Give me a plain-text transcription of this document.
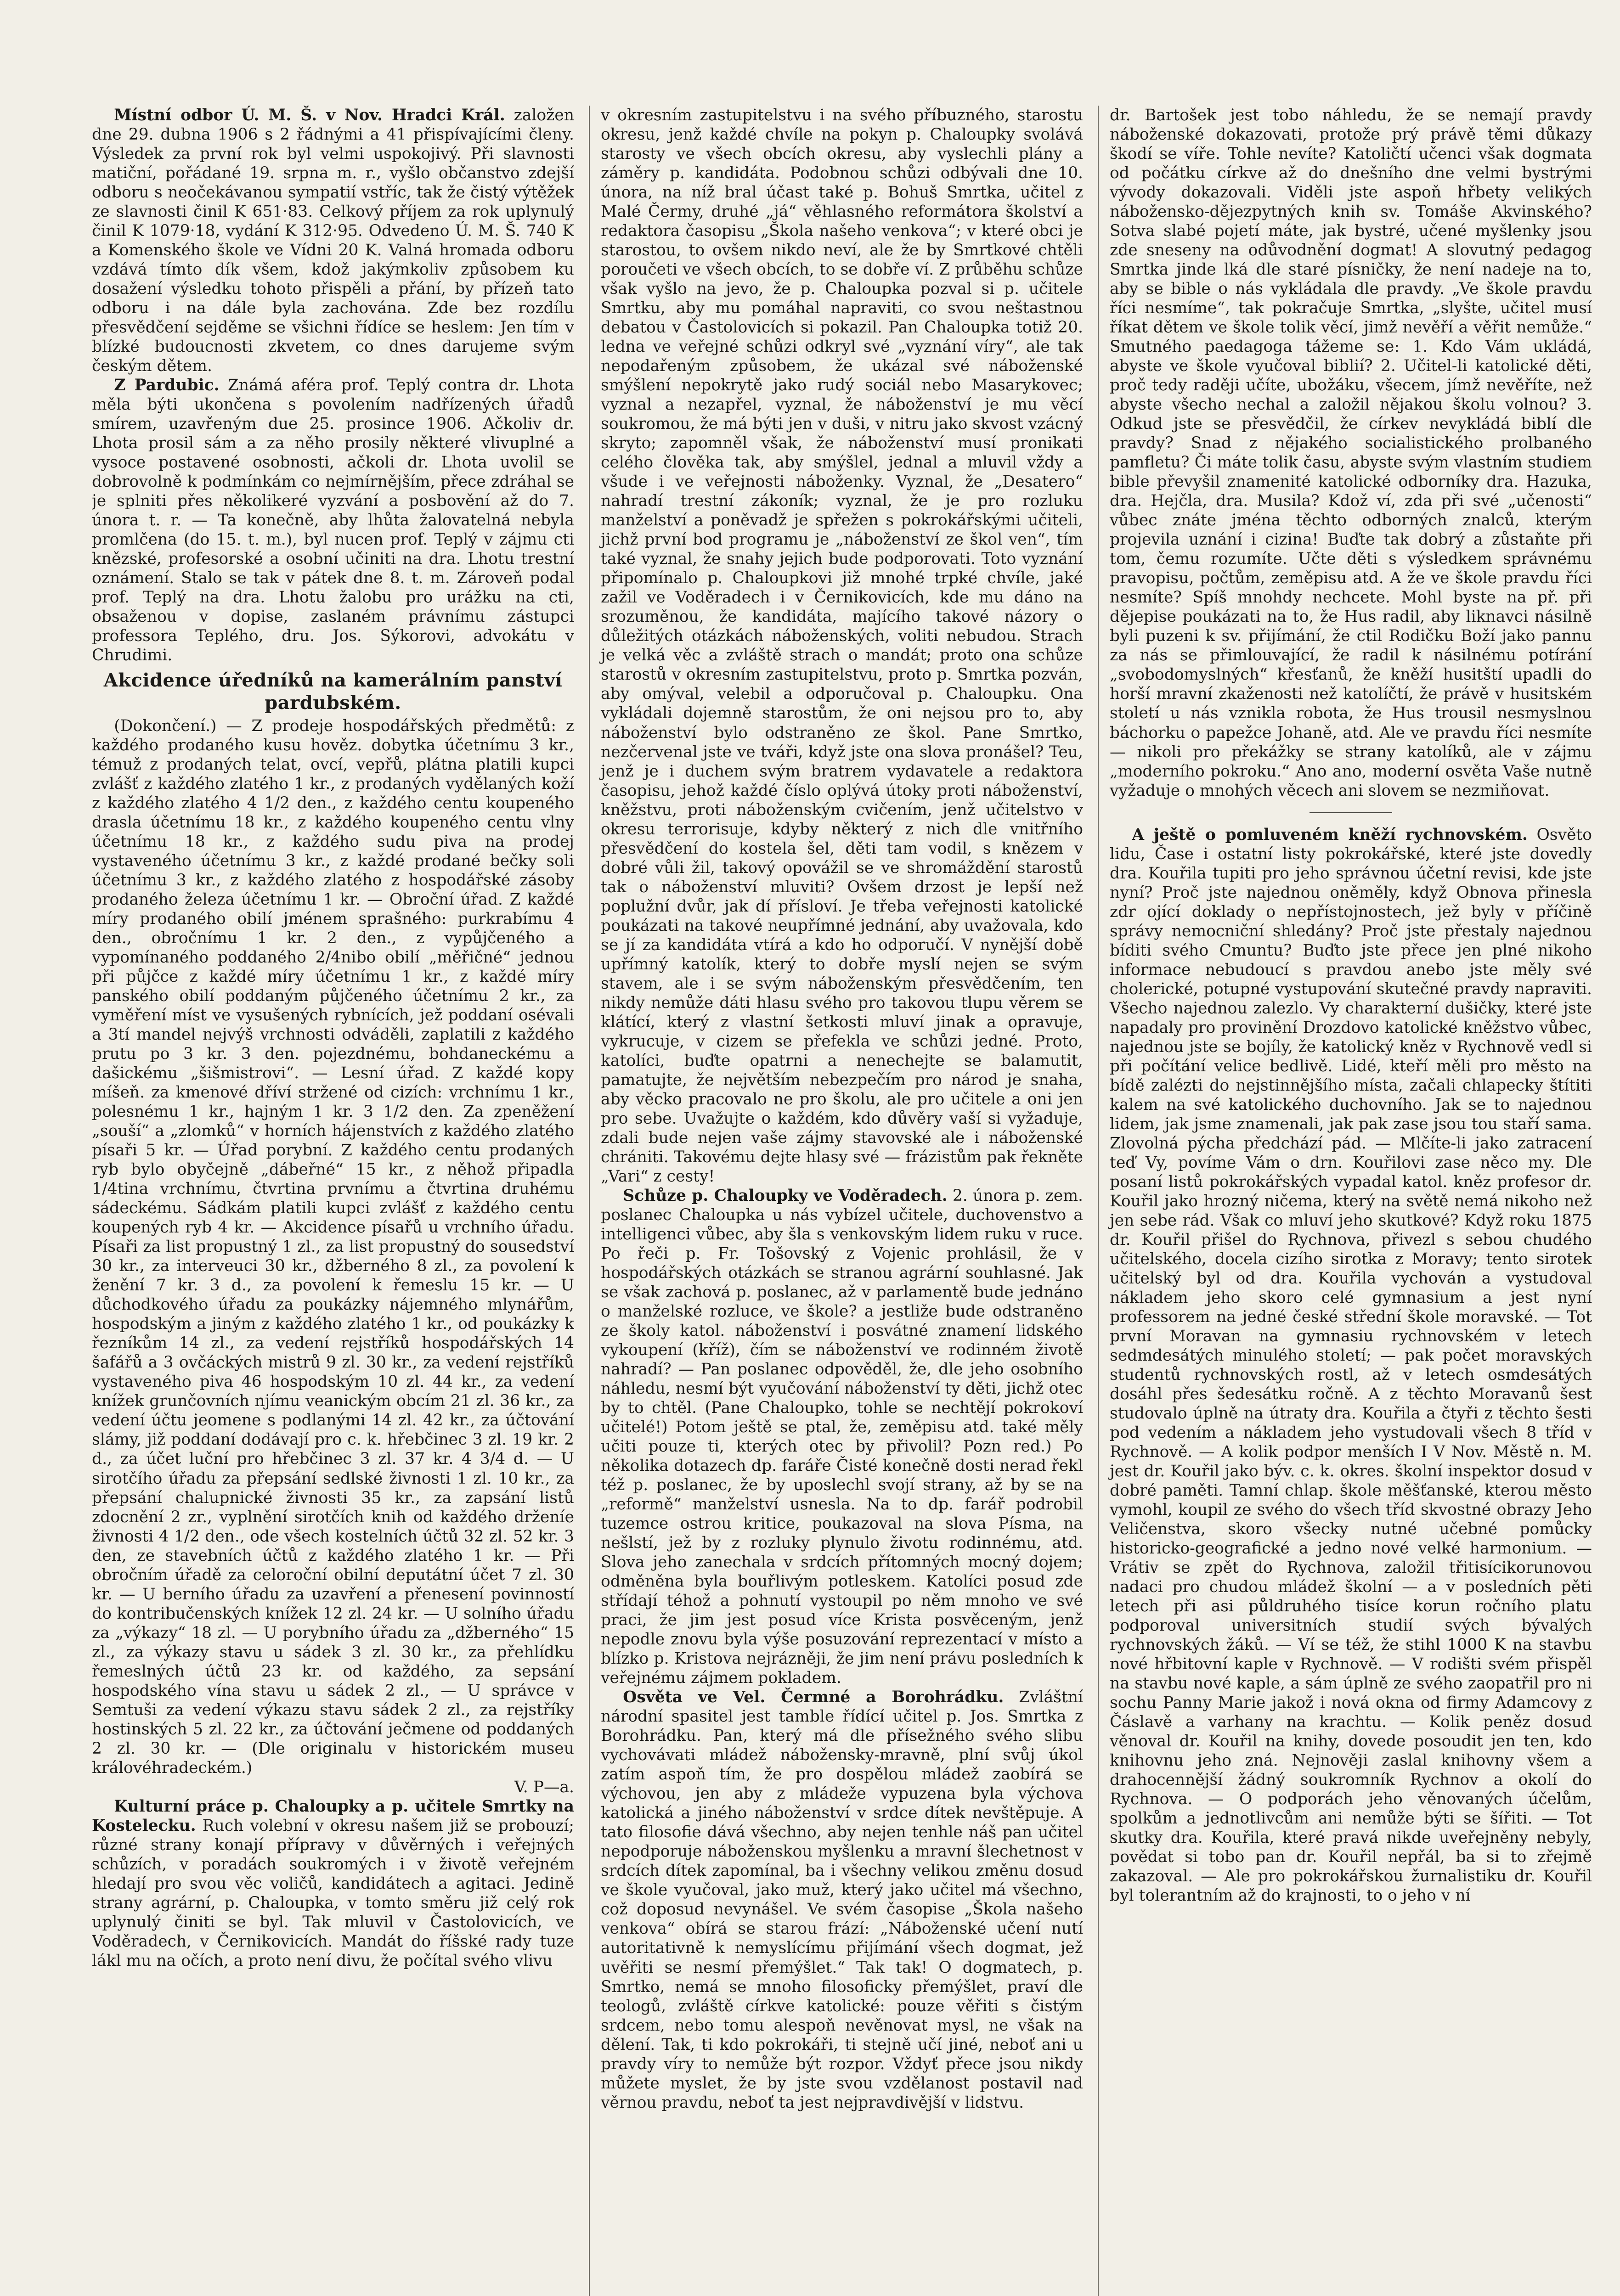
Místní odbor Ú. M. Š. v Nov. Hradci Král. založen dne 29. dubna 1906 s 2 řádnými a 41 přispívajícími členy. Výsledek za první rok byl velmi uspokojivý. Při slavnosti matiční, pořádané 19. srpna m. r., vyšlo občanstvo zdejší odboru s neočekávanou sympatií vstříc, tak že čistý výtěžek ze slavnosti činil K 651·83. Celkový příjem za rok uplynulý činil K 1079·18, vydání K 312·95. Odvedeno Ú. M. Š. 740 K a Komenského škole ve Vídni 20 K. Valná hromada odboru vzdává tímto dík všem, kdož jakýmkoliv způsobem ku dosažení výsledku tohoto přispěli a přání, by přízeň tato odboru i na dále byla zachována. Zde bez rozdílu přesvědčení sejděme se všichni řídíce se heslem: Jen tím v blízké budoucnosti zkvetem, co dnes darujeme svým českým dětem.

Z Pardubic. Známá aféra prof. Teplý contra dr. Lhota měla býti ukončena s povolením nadřízených úřadů smírem, uzavřeným due 25. prosince 1906. Ačkoliv dr. Lhota prosil sám a za něho prosily některé vlivuplné a vysoce postavené osobnosti, ačkoli dr. Lhota uvolil se dobrovolně k podmínkám co nejmírnějším, přece zdráhal se je splniti přes několikeré vyzvání a posbovění až do 7. února t. r. — Ta konečně, aby lhůta žalovatelná nebyla promlčena (do 15. t. m.), byl nucen prof. Teplý v zájmu cti knězské, profesorské a osobní učiniti na dra. Lhotu trestní oznámení. Stalo se tak v pátek dne 8. t. m. Zároveň podal prof. Teplý na dra. Lhotu žalobu pro urážku na cti, obsaženou v dopise, zaslaném právnímu zástupci professora Teplého, dru. Jos. Sýkorovi, advokátu v Chrudimi.

Akcidence úředníků na kamerálním panství pardubském.

(Dokončení.) — Z prodeje hospodářských předmětů: z každého prodaného kusu hověz. dobytka účetnímu 3 kr., témuž z prodaných telat, ovcí, vepřů, plátna platili kupci zvlášť z každého zlatého 1 kr., z prodaných vydělaných koží z každého zlatého 4 1/2 den., z každého centu koupeného drasla účetnímu 18 kr., z každého koupeného centu vlny účetnímu 18 kr., z každého sudu piva na prodej vystaveného účetnímu 3 kr., z každé prodané bečky soli účetnímu 3 kr., z každého zlatého z hospodářské zásoby prodaného železa účetnímu 1 kr. — Obroční úřad. Z každé míry prodaného obilí jménem sprašného: purkrabímu 4 den., obročnímu 1 kr. 2 den., z vypůjčeného a vypomínaného poddaného 2/4nibo obilí „měřičné“ jednou při půjčce z každé míry účetnímu 1 kr., z každé míry panského obilí poddaným půjčeného účetnímu 2 kr., za vyměření míst ve vysušených rybnících, jež poddaní osévali a 3tí mandel nejvýš vrchnosti odváděli, zaplatili z každého prutu po 3 kr. 3 den. pojezdnému, bohdaneckému a dašickému „šišmistrovi“. — Lesní úřad. Z každé kopy míšeň. za kmenové dříví stržené od cizích: vrchnímu 1 kr., polesnému 1 kr., hajným 1 kr. 3 1/2 den. Za zpeněžení „souší“ a „zlomků“ v horních hájenstvích z každého zlatého písaři 5 kr. — Úřad porybní. Z každého centu prodaných ryb bylo obyčejně „dábeřné“ 15 kr., z něhož připadla 1/4tina vrchnímu, čtvrtina prvnímu a čtvrtina druhému sádeckému. Sádkám platili kupci zvlášť z každého centu koupených ryb 4 kr. — Akcidence písařů u vrchního úřadu. Písaři za list propustný 1 zl., za list propustný do sousedství 30 kr., za interveuci 30 kr., džberného 8 zl., za povolení k ženění 7 kr. 3 d., za povolení k řemeslu 15 kr. — U důchodkového úřadu za poukázky nájemného mlynářům, hospodským a jiným z každého zlatého 1 kr., od poukázky k řezníkům 14 zl., za vedení rejstříků hospodářských 14 šafářů a 3 ovčáckých mistrů 9 zl. 30 kr., za vedení rejstříků vystaveného piva 46 hospodským 10 zl. 44 kr., za vedení knížek grunčovních njímu veanickým obcím 21 zl. 36 kr., za vedení účtu jeomene s podlanými 14 zl. 42 kr., za účtování slámy, již poddaní dodávají pro c. k. hřebčinec 3 zl. 19 kr. 2 d., za účet luční pro hřebčinec 3 zl. 37 kr. 4 3/4 d. — U sirotčího úřadu za přepsání sedlské živnosti 1 zl. 10 kr., za přepsání chalupnické živnosti 35 kr., za zapsání listů zdocnění 2 zr., vyplnění sirotčích knih od každého drženíe živnosti 4 1/2 den., ode všech kostelních účtů 32 zl. 52 kr. 3 den, ze stavebních účtů z každého zlatého 1 kr. — Při obročním úřadě za celoroční obilní deputátní účet 7 zl. 30 kr. — U berního úřadu za uzavření a přenesení povinností do kontribučenských knížek 12 zl. 24 kr. — U solního úřadu za „výkazy“ 18 zl. — U porybního úřadu za „džberného“ 15 zl., za výkazy stavu u sádek 3 zl. 30 kr., za přehlídku řemeslných účtů 23 kr. od každého, za sepsání hospodského vína stavu u sádek 2 zl., — U správce v Semtuši za vedení výkazu stavu sádek 2 zl., za rejstříky hostinských 5 zl. 22 kr., za účtování ječmene od poddaných 2 zl. 30 kr. — (Dle originalu v historickém museu královéhradeckém.)

V. P—a.

Kulturní práce p. Chaloupky a p. učitele Smrtky na Kostelecku. Ruch volební v okresu našem již se probouzí; různé strany konají přípravy v důvěrných i veřejných schůzích, v poradách soukromých i v životě veřejném hledají pro svou věc voličů, kandidátech a agitaci. Jedině strany agrární, p. Chaloupka, v tomto směru již celý rok uplynulý činiti se byl. Tak mluvil v Častolovicích, ve Voděradech, v Černikovicích. Mandát do říšské rady tuze lákl mu na očích, a proto není divu, že počítal svého vlivu

v okresním zastupitelstvu i na svého příbuzného, starostu okresu, jenž každé chvíle na pokyn p. Chaloupky svolává starosty ve všech obcích okresu, aby vyslechli plány a záměry p. kandidáta. Podobnou schůzi odbývali dne 10. února, na níž bral účast také p. Bohuš Smrtka, učitel z Malé Čermy, druhé „já“ věhlasného reformátora školství a redaktora časopisu „Škola našeho venkova“; v které obci je starostou, to ovšem nikdo neví, ale že by Smrtkové chtěli poroučeti ve všech obcích, to se dobře ví. Z průběhu schůze však vyšlo na jevo, že p. Chaloupka pozval si p. učitele Smrtku, aby mu pomáhal napraviti, co svou neštastnou debatou v Častolovicích si pokazil. Pan Chaloupka totiž 20. ledna ve veřejné schůzi odkryl své „vyznání víry“, ale tak nepodařeným způsobem, že ukázal své náboženské smýšlení nepokrytě jako rudý sociál nebo Masarykovec; vyznal a nezapřel, vyznal, že náboženství je mu věcí soukromou, že má býti jen v duši, v nitru jako skvost vzácný skryto; zapomněl však, že náboženství musí pronikati celého člověka tak, aby smýšlel, jednal a mluvil vždy a všude i ve veřejnosti náboženky. Vyznal, že „Desatero“ nahradí trestní zákoník; vyznal, že je pro rozluku manželství a poněvadž je spřežen s pokrokářskými učiteli, jichž první bod programu je „náboženství ze škol ven“, tím také vyznal, že snahy jejich bude podporovati. Toto vyznání připomínalo p. Chaloupkovi již mnohé trpké chvíle, jaké zažil ve Voděradech i v Černikovicích, kde mu dáno na srozuměnou, že kandidáta, majícího takové názory o důležitých otázkách náboženských, voliti nebudou. Strach je velká věc a zvláště strach o mandát; proto ona schůze starostů v okresním zastupitelstvu, proto p. Smrtka pozván, aby omýval, velebil a odporučoval p. Chaloupku. Ona vykládali dojemně starostům, že oni nejsou pro to, aby náboženství bylo odstraněno ze škol. Pane Smrtko, nezčervenal jste ve tváři, když jste ona slova pronášel? Teu, jenž je i duchem svým bratrem vydavatele a redaktora časopisu, jehož každé číslo oplývá útoky proti náboženství, kněžstvu, proti náboženským cvičením, jenž učitelstvo v okresu terrorisuje, kdyby některý z nich dle vnitřního přesvědčení do kostela šel, děti tam vodil, s knězem v dobré vůli žil, takový opovážil se ve shromáždění starostů tak o náboženství mluviti? Ovšem drzost je lepší než poplužní dvůr, jak dí přísloví. Je třeba veřejnosti katolické poukázati na takové neupřímné jednání, aby uvažovala, kdo se jí za kandidáta vtírá a kdo ho odporučí. V nynější době upřímný katolík, který to dobře myslí nejen se svým stavem, ale i se svým náboženským přesvědčením, ten nikdy nemůže dáti hlasu svého pro takovou tlupu věrem se klátící, který z vlastní šetkosti mluví jinak a opravuje, vykrucuje, v cizem se přefekla ve schůzi jedné. Proto, katolíci, buďte opatrni a nenechejte se balamutit, pamatujte, že největším nebezpečím pro národ je snaha, aby věcko pracovalo ne pro školu, ale pro učitele a oni jen pro sebe. Uvažujte o každém, kdo důvěry vaší si vyžaduje, zdali bude nejen vaše zájmy stavovské ale i náboženské chrániti. Takovému dejte hlasy své — frázistům pak řekněte „Vari“ z cesty!

Schůze p. Chaloupky ve Voděradech. 2. února p. zem. poslanec Chaloupka u nás vybízel učitele, duchovenstvo a intelligenci vůbec, aby šla s venkovským lidem ruku v ruce. Po řeči p. Fr. Tošovský z Vojenic prohlásil, že v hospodářských otázkách se stranou agrární souhlasné. Jak se však zachová p. poslanec, až v parlamentě bude jednáno o manželské rozluce, ve škole? a jestliže bude odstraněno ze školy katol. náboženství i posvátné znamení lidského vykoupení (kříž), čím se náboženství ve rodinném životě nahradí? — Pan poslanec odpověděl, že, dle jeho osobního náhledu, nesmí být vyučování náboženství ty děti, jichž otec by to chtěl. (Pane Chaloupko, tohle se nechtějí pokrokoví učitelé!) Potom ještě se ptal, že, zeměpisu atd. také měly učiti pouze ti, kterých otec by přivolil? Pozn red.) Po několika dotazech dp. faráře Čisté konečně dosti nerad řekl též p. poslanec, že by uposlechl svojí strany, až by se na „reformě“ manželství usnesla. Na to dp. farář podrobil tuzemce ostrou kritice, poukazoval na slova Písma, na nešlstí, jež by z rozluky plynulo životu rodinnému, atd. Slova jeho zanechala v srdcích přítomných mocný dojem; odměněna byla bouřlivým potleskem. Katolíci posud zde střídají téhož a pohnutí vystoupil po něm mnoho ve své praci, že jim jest posud více Krista posvěceným, jenž nepodle znovu byla výše posuzování reprezentací v místo a blízko p. Kristova nejrázněji, že jim není právu posledních k veřejnému zájmem pokladem.

Osvěta ve Vel. Čermné a Borohrádku. Zvláštní národní spasitel jest tamble řídící učitel p. Jos. Smrtka z Borohrádku. Pan, který má dle přísežného svého slibu vychovávati mládež nábožensky-mravně, plní svůj úkol zatím aspoň tím, že pro dospělou mládež zaobírá se výchovou, jen aby z mládeže vypuzena byla výchova katolická a jiného náboženství v srdce dítek nevštěpuje. A tato filosofie dává všechno, aby nejen tenhle náš pan učitel nepodporuje náboženskou myšlenku a mravní šlechetnost v srdcích dítek zapomínal, ba i všechny velikou změnu dosud ve škole vyučoval, jako muž, který jako učitel má všechno, což doposud nevynášel. Ve svém časopise „Škola našeho venkova“ obírá se starou frází: „Náboženské učení nutí autoritativně k nemyslícímu přijímání všech dogmat, jež uvěřiti se nesmí přemýšlet.“ Tak tak! O dogmatech, p. Smrtko, nemá se mnoho filosoficky přemýšlet, praví dle teologů, zvláště církve katolické: pouze věřiti s čistým srdcem, nebo tomu alespoň nevěnovat mysl, ne však na dělení. Tak, ti kdo pokrokáři, ti stejně učí jiné, neboť ani u pravdy víry to nemůže být rozpor. Vždyť přece jsou nikdy můžete myslet, že by jste svou vzdělanost postavil nad věrnou pravdu, neboť ta jest nejpravdivější v lidstvu.

dr. Bartošek jest tobo náhledu, že se nemají pravdy náboženské dokazovati, protože prý právě těmi důkazy škodí se víře. Tohle nevíte? Katoličtí učenci však dogmata od počátku církve až do dnešního dne velmi bystrými vývody dokazovali. Viděli jste aspoň hřbety velikých nábožensko-dějezpytných knih sv. Tomáše Akvinského? Sotva slabé pojetí máte, jak bystré, učené myšlenky jsou zde sneseny na odůvodnění dogmat! A slovutný pedagog Smrtka jinde lká dle staré písničky, že není nadeje na to, aby se bible o nás vykládala dle pravdy. „Ve škole pravdu říci nesmíme“, tak pokračuje Smrtka, „slyšte, učitel musí říkat dětem ve škole tolik věcí, jimž nevěří a věřit nemůže.“ Smutného paedagoga tážeme se: 1. Kdo Vám ukládá, abyste ve škole vyučoval biblií? 2. Učitel-li katolické děti, proč tedy raději učíte, ubožáku, všecem, jímž nevěříte, než abyste všecho nechal a založil nějakou školu volnou? 3. Odkud jste se přesvědčil, že církev nevykládá biblí dle pravdy? Snad z nějakého socialistického prolbaného pamfletu? Či máte tolik času, abyste svým vlastním studiem bible převyšil znamenité katolické odborníky dra. Hazuka, dra. Hejčla, dra. Musila? Kdož ví, zda při své „učenosti“ vůbec znáte jména těchto odborných znalců, kterým projevila uznání i cizina! Buďte tak dobrý a zůstaňte při tom, čemu rozumíte. Učte děti s výsledkem správnému pravopisu, počtům, zeměpisu atd. A že ve škole pravdu říci nesmíte? Spíš mnohdy nechcete. Mohl byste na př. při dějepise poukázati na to, že Hus radil, aby liknavci násilně byli puzeni k sv. přijímání, že ctil Rodičku Boží jako pannu za nás se přimlouvající, že radil k násilnému potírání „svobodomyslných“ křesťanů, že kněží husitští upadli do horší mravní zkaženosti než katolíčtí, že právě v husitském století u nás vznikla robota, že Hus trousil nesmyslnou báchorku o papežce Johaně, atd. Ale ve pravdu říci nesmíte — nikoli pro překážky se strany katolíků, ale v zájmu „moderního pokroku.“ Ano ano, moderní osvěta Vaše nutně vyžaduje o mnohých věcech ani slovem se nezmiňovat.

A ještě o pomluveném kněží rychnovském. Osvěto lidu, Čase i ostatní listy pokrokářské, které jste dovedly dra. Kouřila tupiti pro jeho správnou účetní revisi, kde jste nyní? Proč jste najednou oněměly, když Obnova přinesla zdr ojící doklady o nepřístojnostech, jež byly v příčině správy nemocniční shledány? Proč jste přestaly najednou bíditi svého Cmuntu? Buďto jste přece jen plné nikoho informace nebudoucí s pravdou anebo jste měly své cholerické, potupné vystupování skutečné pravdy napraviti. Všecho najednou zalezlo. Vy charakterní dušičky, které jste napadaly pro provinění Drozdovo katolické kněžstvo vůbec, najednou jste se bojíly, že katolický kněz v Rychnově vedl si při počítání velice bedlivě. Lidé, kteří měli pro město na bídě zalézti do nejstinnějšího místa, začali chlapecky štítiti kalem na své katolického duchovního. Jak se to najednou lidem, jak jsme znamenali, jak pak zase jsou tou staří sama. Zlovolná pýcha předchází pád. — Mlčíte-li jako zatracení teď Vy, povíme Vám o drn. Kouřilovi zase něco my. Dle posaní listů pokrokářských vypadal katol. kněz profesor dr. Kouřil jako hrozný ničema, který na světě nemá nikoho než jen sebe rád. Však co mluví jeho skutkové? Když roku 1875 dr. Kouřil přišel do Rychnova, přivezl s sebou chudého učitelského, docela cizího sirotka z Moravy; tento sirotek učitelský byl od dra. Kouřila vychován a vystudoval nákladem jeho skoro celé gymnasium a jest nyní professorem na jedné české střední škole moravské. — Tot první Moravan na gymnasiu rychnovském v letech sedmdesátých minulého století; — pak počet moravských studentů rychnovských rostl, až v letech osmdesátých dosáhl přes šedesátku ročně. A z těchto Moravanů šest studovalo úplně na útraty dra. Kouřila a čtyři z těchto šesti pod vedením a nákladem jeho vystudovali všech 8 tříd v Rychnově. — A kolik podpor menších I V Nov. Městě n. M. jest dr. Kouřil jako býv. c. k. okres. školní inspektor dosud v dobré paměti. Tamní chlap. škole měšťanské, kterou město vymohl, koupil ze svého do všech tříd skvostné obrazy Jeho Veličenstva, skoro všecky nutné učebné pomůcky historicko-geografické a jedno nové velké harmonium. — Vrátiv se zpět do Rychnova, založil třitisícikorunovou nadaci pro chudou mládež školní — a v posledních pěti letech při asi půldruhého tisíce korun ročního platu podporoval universitních studií svých bývalých rychnovských žáků. — Ví se též, že stihl 1000 K na stavbu nové hřbitovní kaple v Rychnově. — V rodišti svém přispěl na stavbu nové kaple, a sám úplně ze svého zaopatřil pro ni sochu Panny Marie jakož i nová okna od firmy Adamcovy z Čáslavě a varhany na krachtu. — Kolik peněz dosud věnoval dr. Kouřil na knihy, dovede posoudit jen ten, kdo knihovnu jeho zná. Nejnověji zaslal knihovny všem a drahocennější žádný soukromník Rychnov a okolí do Rychnova. — O podporách jeho věnovaných účelům, spolkům a jednotlivcům ani nemůže býti se šířiti. — Tot skutky dra. Kouřila, které pravá nikde uveřejněny nebyly, povědat si tobo pan dr. Kouřil nepřál, ba si to zřejmě zakazoval. — Ale pro pokrokářskou žurnalistiku dr. Kouřil byl tolerantním až do krajnosti, to o jeho v ní
